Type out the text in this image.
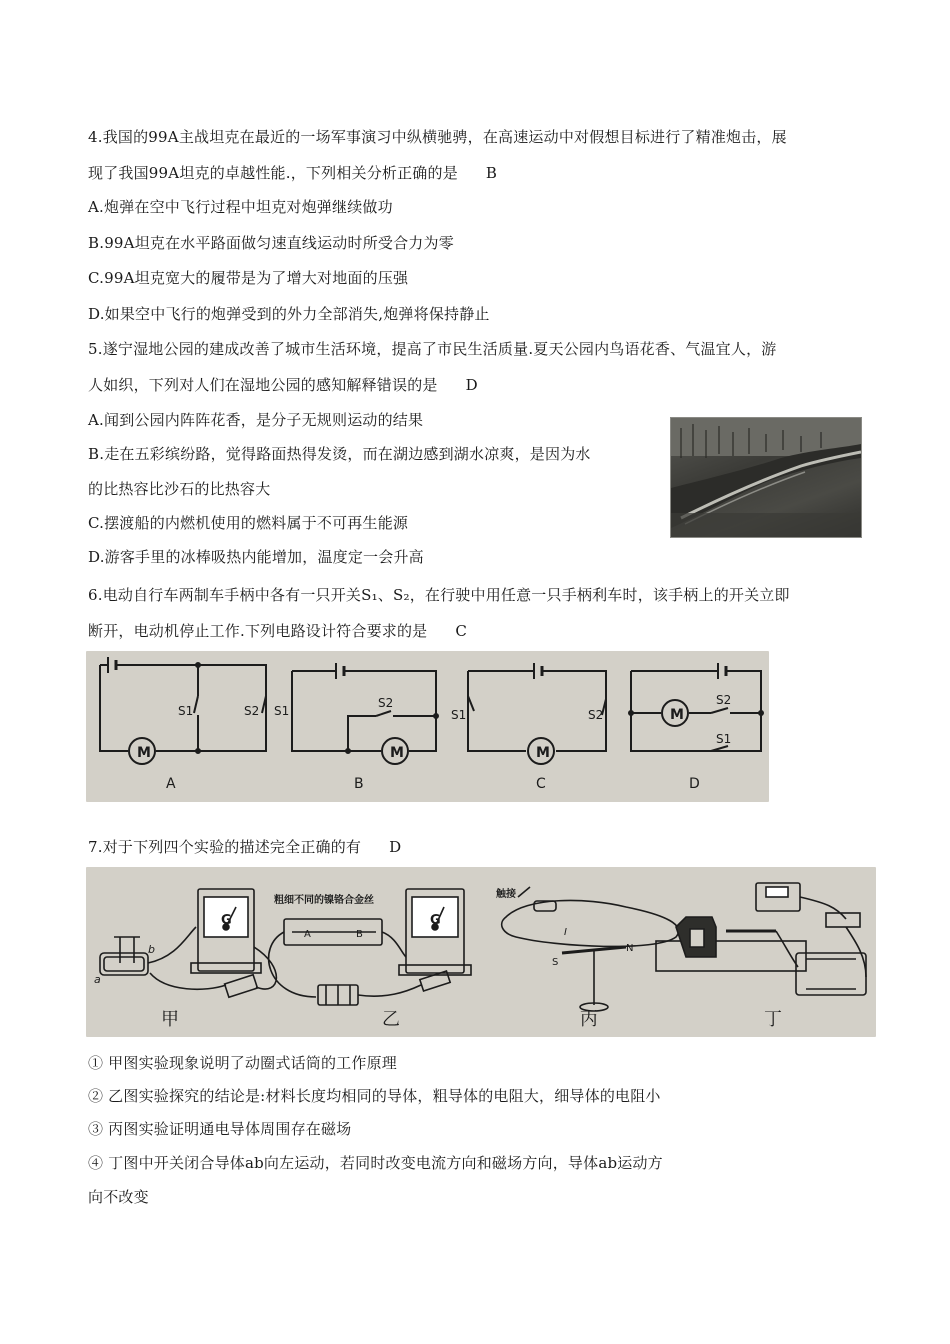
4.我国的99A主战坦克在最近的一场军事演习中纵横驰骋，在高速运动中对假想目标进行了精准炮击，展
现了我国99A坦克的卓越性能.，下列相关分析正确的是 B
A.炮弹在空中飞行过程中坦克对炮弹继续做功
B.99A坦克在水平路面做匀速直线运动时所受合力为零
C.99A坦克宽大的履带是为了增大对地面的压强
D.如果空中飞行的炮弹受到的外力全部消失,炮弹将保持静止
5.遂宁湿地公园的建成改善了城市生活环境，提高了市民生活质量.夏天公园内鸟语花香、气温宜人，游
人如织，下列对人们在湿地公园的感知解释错误的是 D
A.闻到公园内阵阵花香，是分子无规则运动的结果
B.走在五彩缤纷路，觉得路面热得发烫，而在湖边感到湖水凉爽，是因为水
的比热容比沙石的比热容大
C.摆渡船的内燃机使用的燃料属于不可再生能源
D.游客手里的冰棒吸热内能增加，温度定一会升高
6.电动自行车两制车手柄中各有一只开关S₁、S₂，在行驶中用任意一只手柄利车时，该手柄上的开关立即
断开，电动机停止工作.下列电路设计符合要求的是 C
M
S1	S2
A
M
S1
S2
B
M
S1	S2
C
M
S2
S1
D
7.对于下列四个实验的描述完全正确的有 D
G
a
b
甲
粗细不同的镍铬合金丝
A	B
G
乙
触接
I
S
N
丙	丁
① 甲图实验现象说明了动圈式话筒的工作原理
② 乙图实验探究的结论是:材料长度均相同的导体，粗导体的电阻大，细导体的电阻小
③ 丙图实验证明通电导体周围存在磁场
④ 丁图中开关闭合导体ab向左运动，若同时改变电流方向和磁场方向，导体ab运动方
向不改变
